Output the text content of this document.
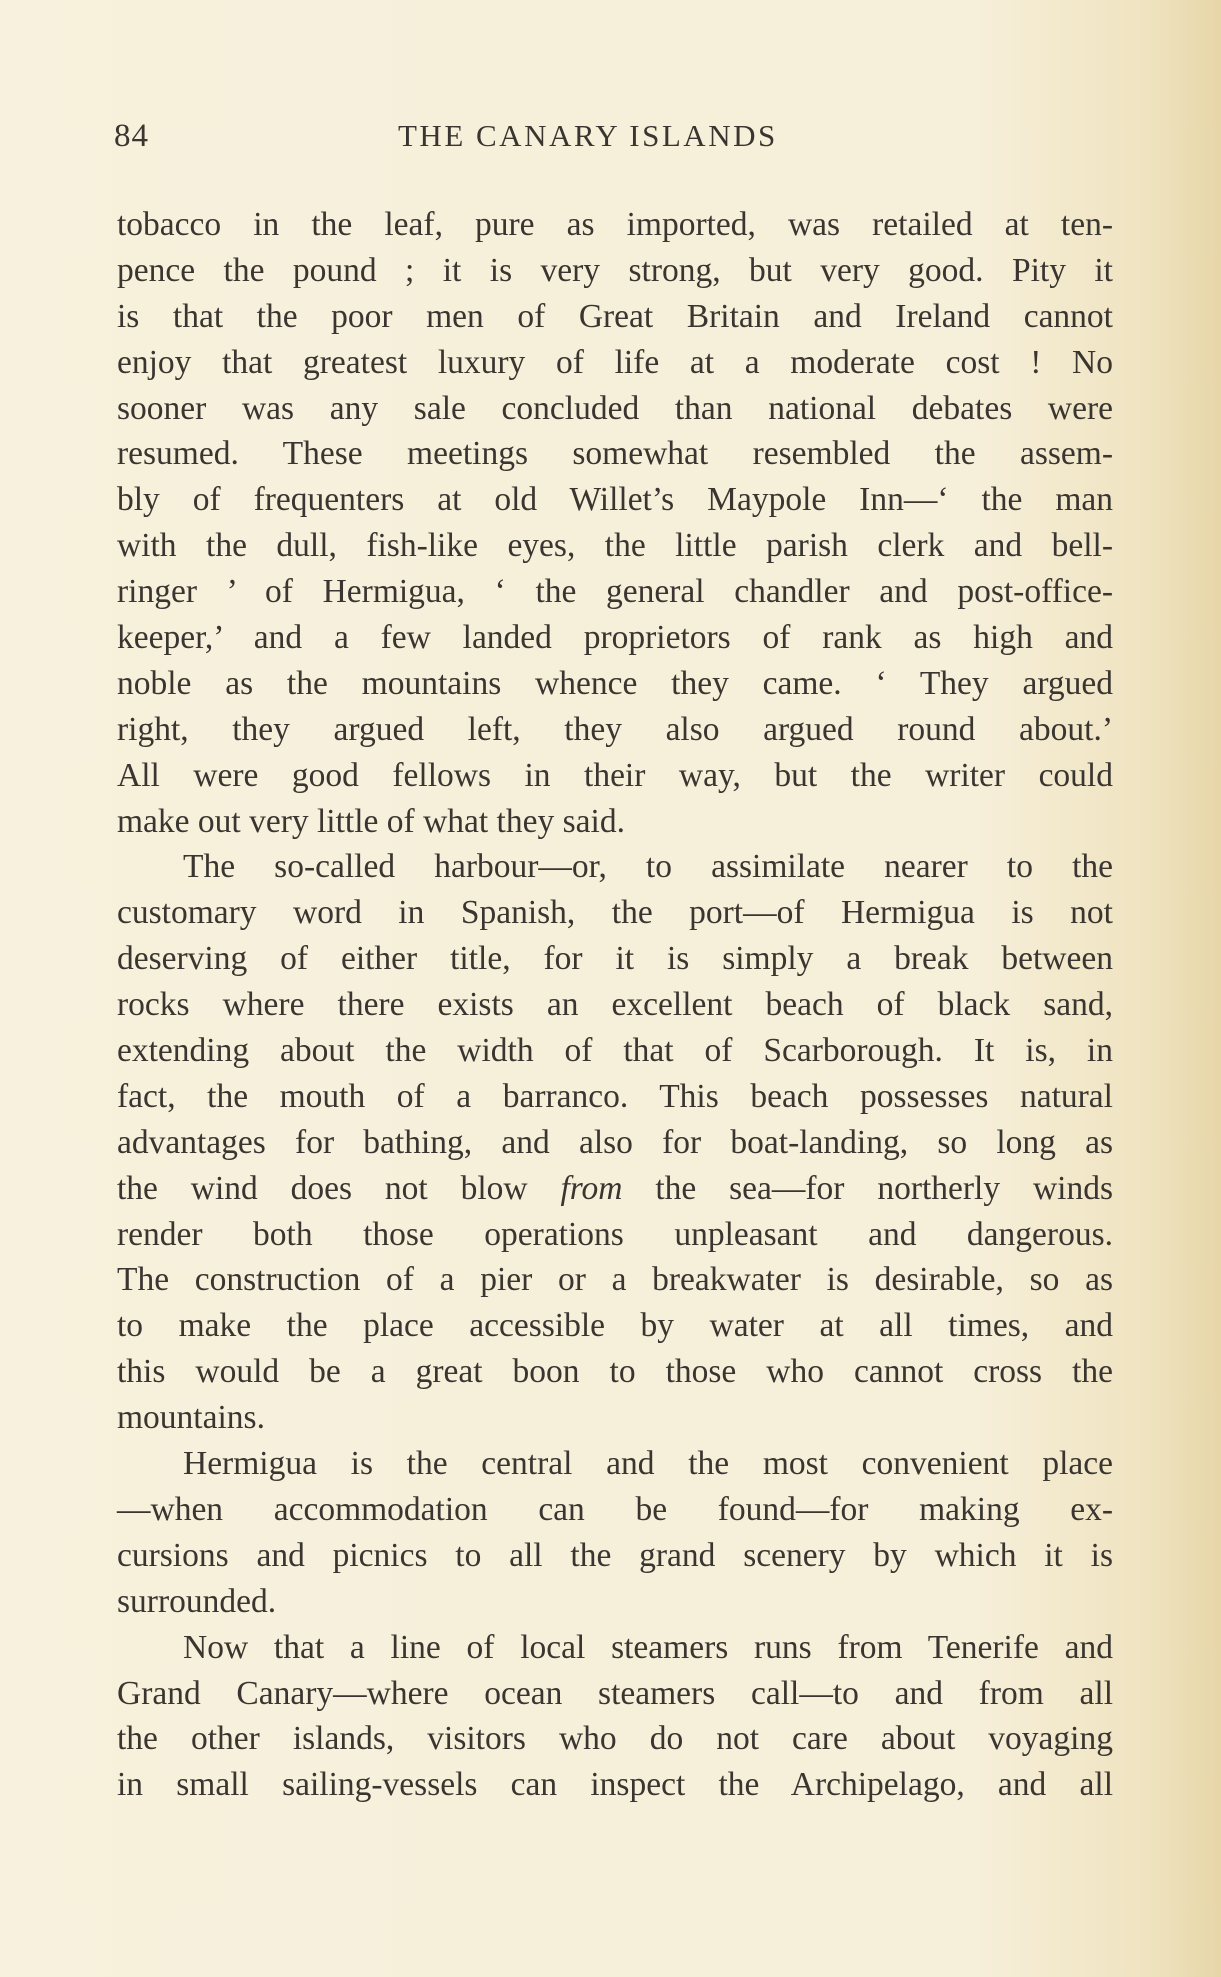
84	THE CANARY ISLANDS
tobacco in the leaf, pure as imported, was retailed at ten-
pence the pound ; it is very strong, but very good. Pity it
is that the poor men of Great Britain and Ireland cannot
enjoy that greatest luxury of life at a moderate cost ! No
sooner was any sale concluded than national debates were
resumed. These meetings somewhat resembled the assem-
bly of frequenters at old Willet’s Maypole Inn—‘ the man
with the dull, fish-like eyes, the little parish clerk and bell-
ringer ’ of Hermigua, ‘ the general chandler and post-office-
keeper,’ and a few landed proprietors of rank as high and
noble as the mountains whence they came. ‘ They argued
right, they argued left, they also argued round about.’
All were good fellows in their way, but the writer could
make out very little of what they said.
The so-called harbour—or, to assimilate nearer to the
customary word in Spanish, the port—of Hermigua is not
deserving of either title, for it is simply a break between
rocks where there exists an excellent beach of black sand,
extending about the width of that of Scarborough. It is, in
fact, the mouth of a barranco. This beach possesses natural
advantages for bathing, and also for boat-landing, so long as
the wind does not blow from the sea—for northerly winds
render both those operations unpleasant and dangerous.
The construction of a pier or a breakwater is desirable, so as
to make the place accessible by water at all times, and
this would be a great boon to those who cannot cross the
mountains.
Hermigua is the central and the most convenient place
—when accommodation can be found—for making ex-
cursions and picnics to all the grand scenery by which it is
surrounded.
Now that a line of local steamers runs from Tenerife and
Grand Canary—where ocean steamers call—to and from all
the other islands, visitors who do not care about voyaging
in small sailing-vessels can inspect the Archipelago, and all
